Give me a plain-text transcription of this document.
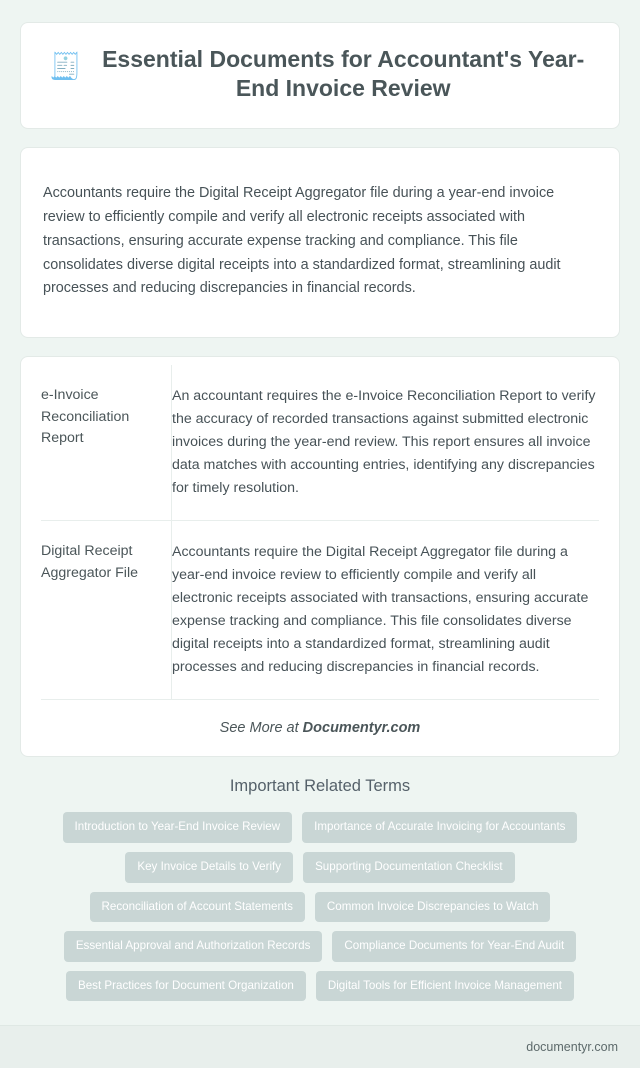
🧾 Essential Documents for Accountant's Year-End Invoice Review

Accountants require the Digital Receipt Aggregator file during a year-end invoice review to efficiently compile and verify all electronic receipts associated with transactions, ensuring accurate expense tracking and compliance. This file consolidates diverse digital receipts into a standardized format, streamlining audit processes and reducing discrepancies in financial records.

e-Invoice Reconciliation Report	An accountant requires the e-Invoice Reconciliation Report to verify the accuracy of recorded transactions against submitted electronic invoices during the year-end review. This report ensures all invoice data matches with accounting entries, identifying any discrepancies for timely resolution.
Digital Receipt Aggregator File	Accountants require the Digital Receipt Aggregator file during a year-end invoice review to efficiently compile and verify all electronic receipts associated with transactions, ensuring accurate expense tracking and compliance. This file consolidates diverse digital receipts into a standardized format, streamlining audit processes and reducing discrepancies in financial records.
See More at Documentyr.com	
Important Related Terms
Introduction to Year-End Invoice Review	Importance of Accurate Invoicing for Accountants
Key Invoice Details to Verify	Supporting Documentation Checklist
Reconciliation of Account Statements	Common Invoice Discrepancies to Watch
Essential Approval and Authorization Records	Compliance Documents for Year-End Audit
Best Practices for Document Organization	Digital Tools for Efficient Invoice Management
documentyr.com
